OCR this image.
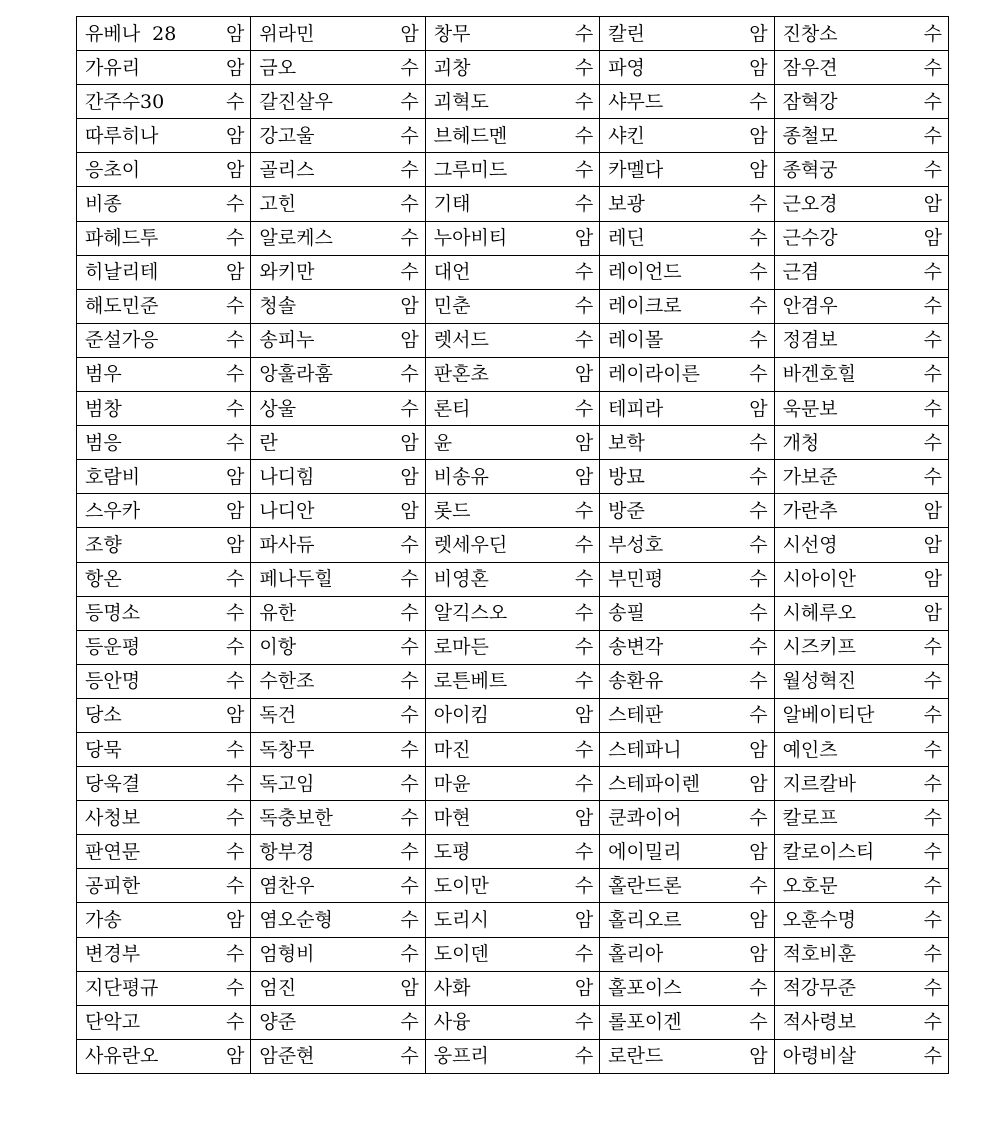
유베나  28 암	위라민 암	창무 수	칼린 암	진창소 수

가유리 암	금오 수	괴창 수	파영 암	잠우견 수

간주수30 수	갈진살우 수	괴혁도 수	샤무드 수	잠혁강 수

따루히나 암	강고울 수	브헤드멘 수	샤킨 암	종철모 수

응초이 암	골리스 수	그루미드 수	카멜다 암	종혁궁 수

비종 수	고힌 수	기태 수	보광 수	근오경 암

파헤드투 수	알로케스 수	누아비티 암	레딘 수	근수강 암

히날리테 암	와키만 수	대언 수	레이언드 수	근겸 수

해도민준 수	청솔 암	민춘 수	레이크로 수	안겸우 수

준설가응 수	송피누 암	렛서드 수	레이몰 수	정겸보 수

범우 수	앙훌라훔 수	판혼초 암	레이라이른 수	바겐호힐 수

범창 수	상울 수	론티 수	테피라 암	욱문보 수

범응 수	란 암	윤 암	보학 수	개청 수

호람비 암	나디힘 암	비송유 암	방묘 수	가보준 수

스우카 암	나디안 암	롯드 수	방준 수	가란추 암

조향 암	파사듀 수	렛세우딘 수	부성호 수	시선영 암

항온 수	페나두힐 수	비영혼 수	부민평 수	시아이안 암

등명소 수	유한 수	알긱스오 수	송필 수	시헤루오 암

등운평 수	이항 수	로마든 수	송변각 수	시즈키프 수

등안명 수	수한조 수	로튼베트 수	송환유 수	월성혁진 수

당소 암	독건 수	아이킴 암	스테판 수	알베이티단 수

당묵 수	독창무 수	마진 수	스테파니 암	예인츠 수

당욱결 수	독고임 수	마윤 수	스테파이렌 암	지르칼바 수

사청보 수	독충보한 수	마현 암	쿤콰이어 수	칼로프 수

판연문 수	항부경 수	도평 수	에이밀리 암	칼로이스티 수

공피한 수	염찬우 수	도이만 수	홀란드론 수	오호문 수

가송 암	염오순형 수	도리시 암	홀리오르 암	오훈수명 수

변경부 수	엄형비 수	도이덴 수	홀리아 암	적호비훈 수

지단평규 수	엄진 암	사화 암	홀포이스 수	적강무준 수

단악고 수	양준 수	사융 수	롤포이겐 수	적사령보 수

사유란오 암	암준현 수	웅프리 수	로란드 암	아령비살 수
